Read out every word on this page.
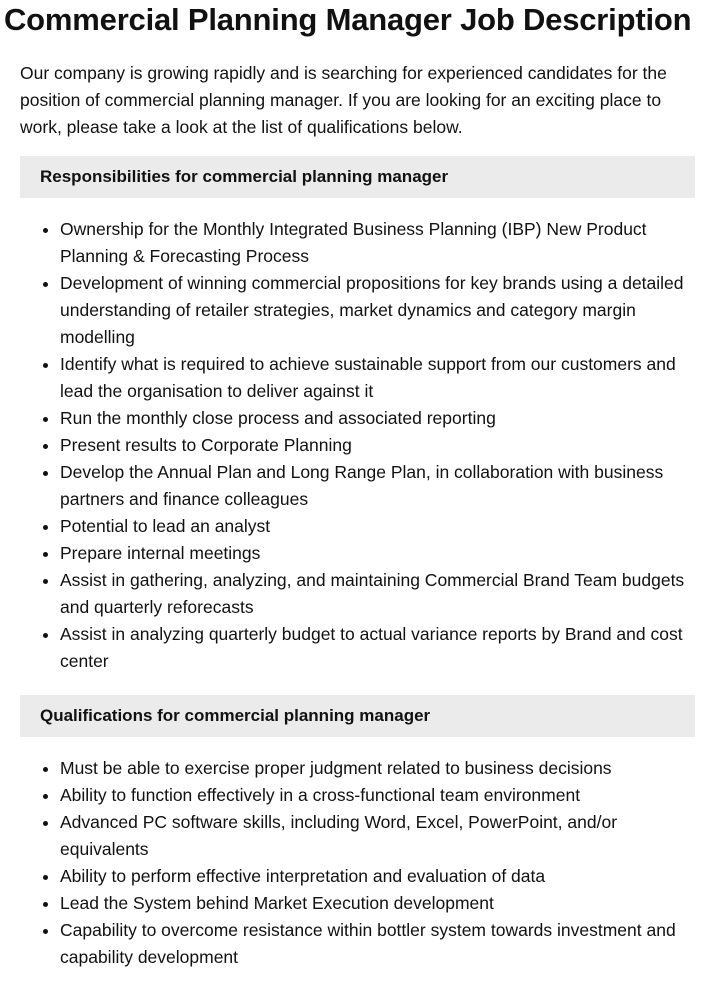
Commercial Planning Manager Job Description

Our company is growing rapidly and is searching for experienced candidates for the position of commercial planning manager. If you are looking for an exciting place to work, please take a look at the list of qualifications below.

Responsibilities for commercial planning manager
• Ownership for the Monthly Integrated Business Planning (IBP) New Product Planning & Forecasting Process
• Development of winning commercial propositions for key brands using a detailed understanding of retailer strategies, market dynamics and category margin modelling
• Identify what is required to achieve sustainable support from our customers and lead the organisation to deliver against it
• Run the monthly close process and associated reporting
• Present results to Corporate Planning
• Develop the Annual Plan and Long Range Plan, in collaboration with business partners and finance colleagues
• Potential to lead an analyst
• Prepare internal meetings
• Assist in gathering, analyzing, and maintaining Commercial Brand Team budgets and quarterly reforecasts
• Assist in analyzing quarterly budget to actual variance reports by Brand and cost center
Qualifications for commercial planning manager
• Must be able to exercise proper judgment related to business decisions
• Ability to function effectively in a cross-functional team environment
• Advanced PC software skills, including Word, Excel, PowerPoint, and/or equivalents
• Ability to perform effective interpretation and evaluation of data
• Lead the System behind Market Execution development
• Capability to overcome resistance within bottler system towards investment and capability development
